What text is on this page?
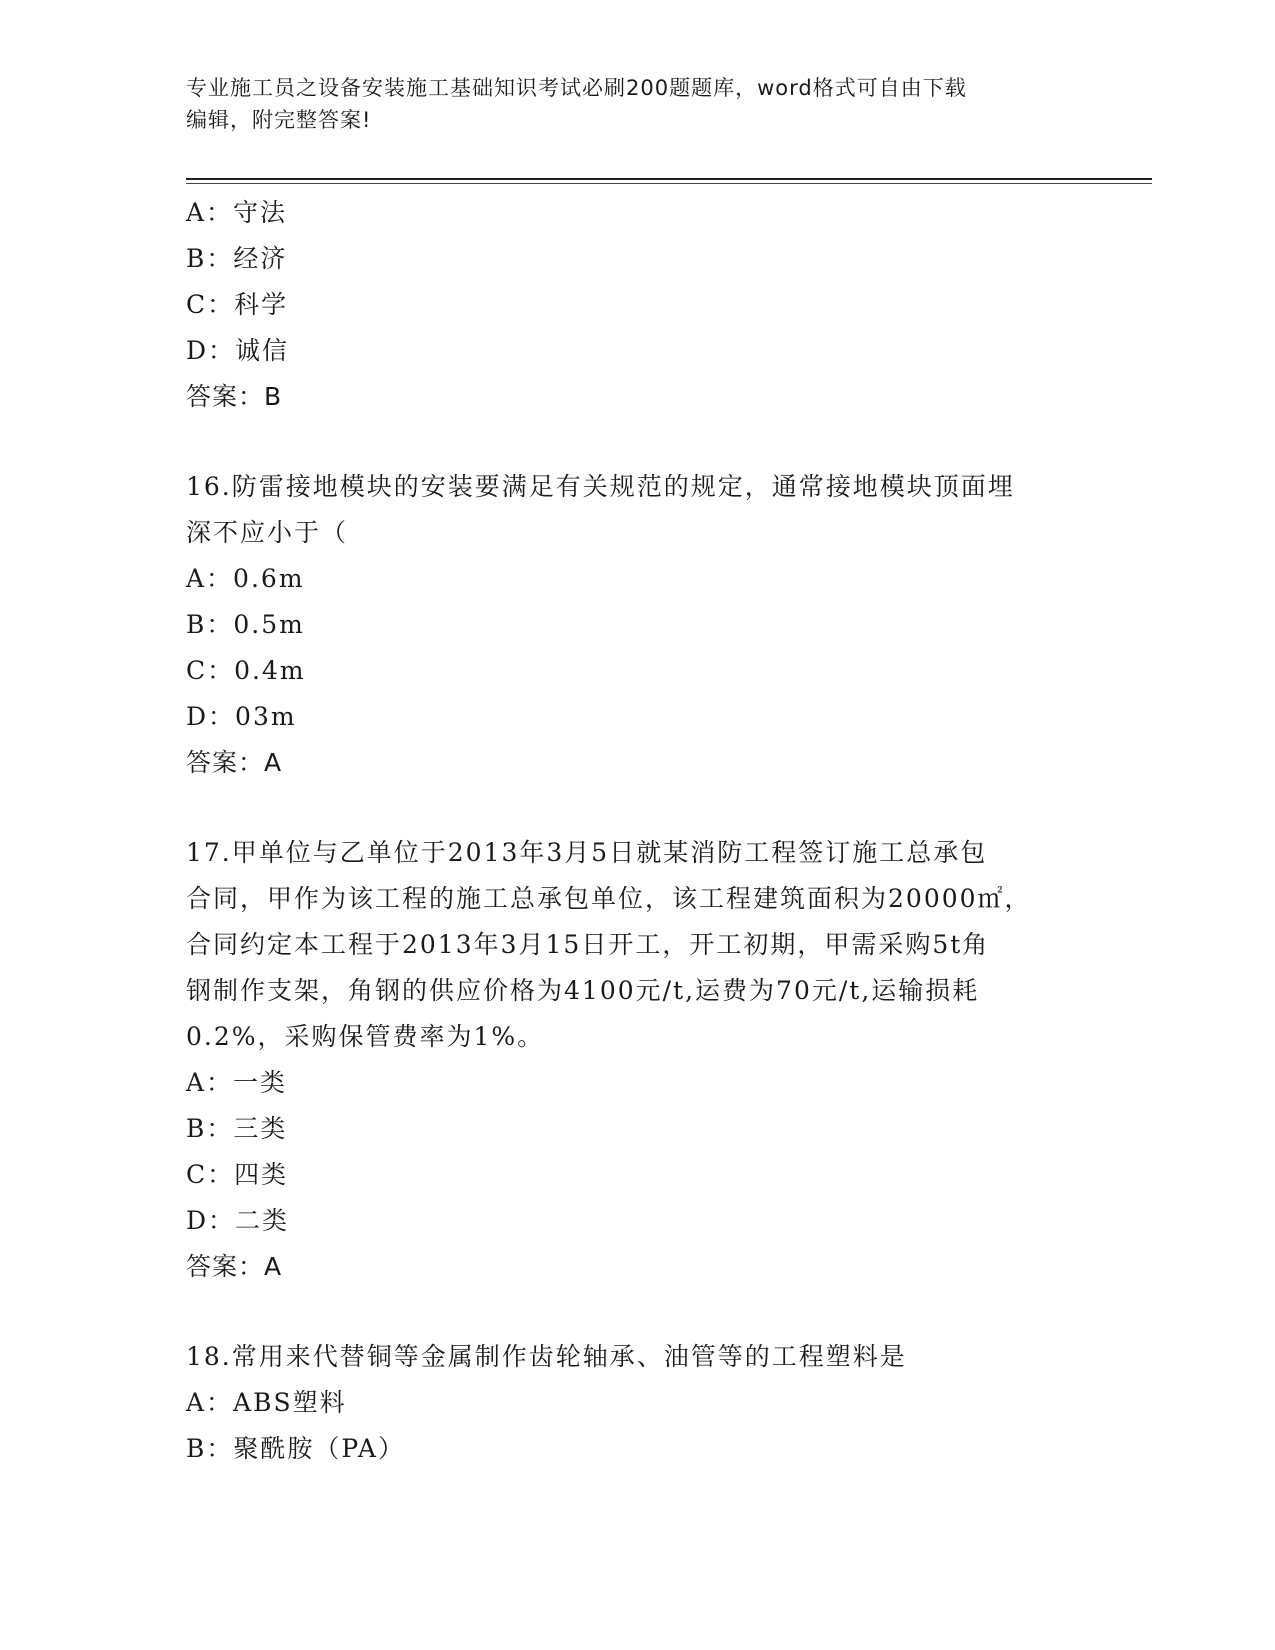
专业施工员之设备安装施工基础知识考试必刷200题题库，word格式可自由下载
编辑，附完整答案!
A：守法
B：经济
C：科学
D：诚信
答案：B
16.防雷接地模块的安装要满足有关规范的规定，通常接地模块顶面埋
深不应小于（
A：0.6m
B：0.5m
C：0.4m
D：03m
答案：A
17.甲单位与乙单位于2013年3月5日就某消防工程签订施工总承包
合同，甲作为该工程的施工总承包单位，该工程建筑面积为20000㎡，
合同约定本工程于2013年3月15日开工，开工初期，甲需采购5t角
钢制作支架，角钢的供应价格为4100元/t,运费为70元/t,运输损耗
0.2%，采购保管费率为1%。
A：一类
B：三类
C：四类
D：二类
答案：A
18.常用来代替铜等金属制作齿轮轴承、油管等的工程塑料是
A：ABS塑料
B：聚酰胺（PA）
